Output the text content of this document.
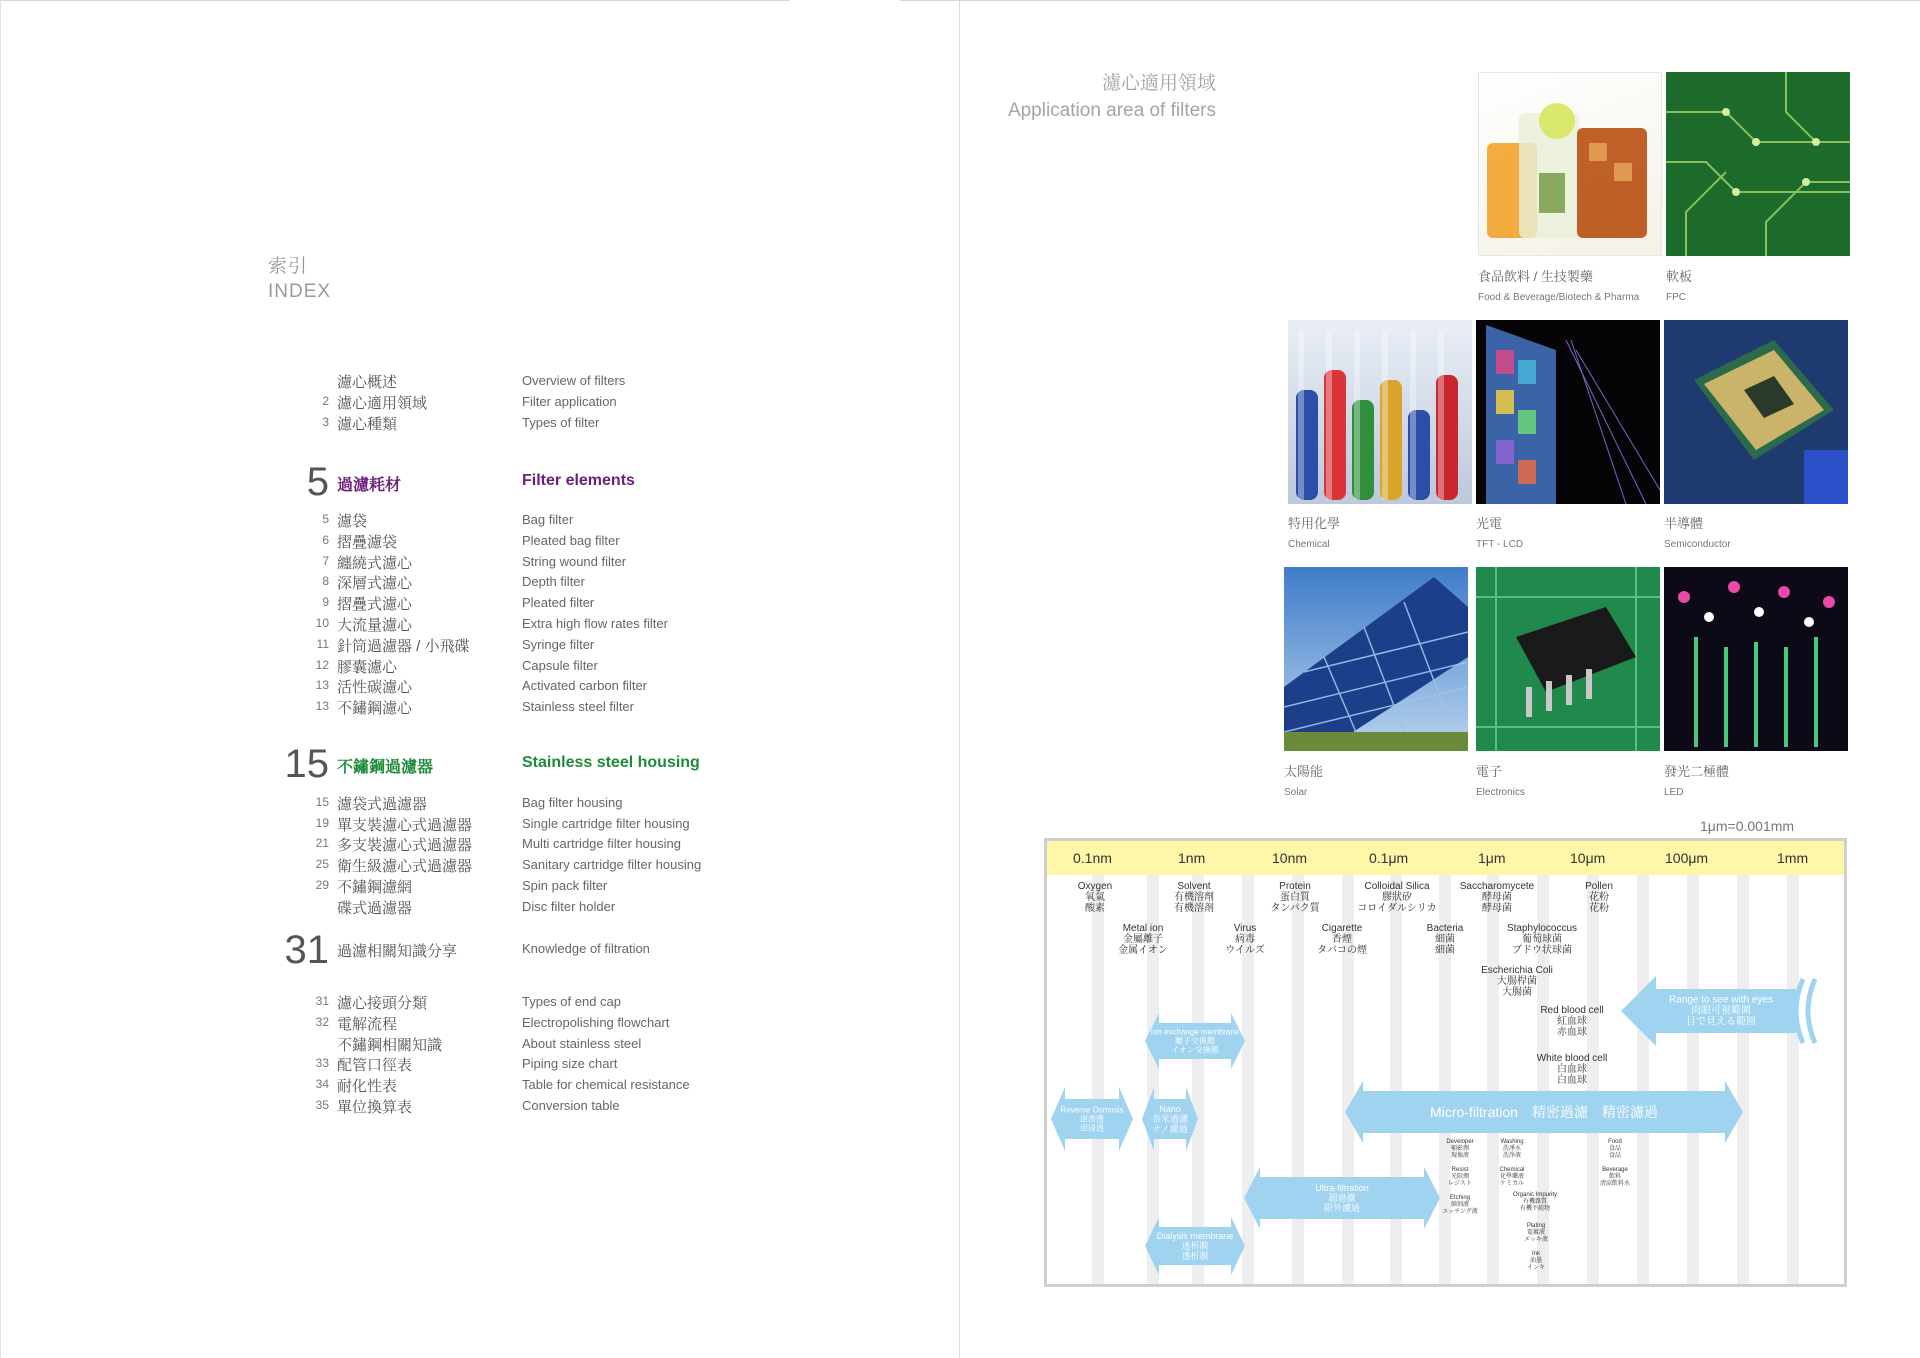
索引
INDEX
濾心概述	Overview of filters
2 濾心適用領域	Filter application
3 濾心種類	Types of filter
5 過濾耗材	Filter elements
5 濾袋	Bag filter
6 摺疊濾袋	Pleated bag filter
7 纏繞式濾心	String wound filter
8 深層式濾心	Depth filter
9 摺疊式濾心	Pleated filter
10 大流量濾心	Extra high flow rates filter
11 針筒過濾器 / 小飛碟	Syringe filter
12 膠囊濾心	Capsule filter
13 活性碳濾心	Activated carbon filter
13 不鏽鋼濾心	Stainless steel filter
15 不鏽鋼過濾器	Stainless steel housing
15 濾袋式過濾器	Bag filter housing
19 單支裝濾心式過濾器	Single cartridge filter housing
21 多支裝濾心式過濾器	Multi cartridge filter housing
25 衛生級濾心式過濾器	Sanitary cartridge filter housing
29 不鏽鋼濾網	Spin pack filter
碟式過濾器	Disc filter holder
31 過濾相關知識分享	Knowledge of filtration
31 濾心接頭分類	Types of end cap
32 電解流程	Electropolishing flowchart
不鏽鋼相關知識	About stainless steel
33 配管口徑表	Piping size chart
34 耐化性表	Table for chemical resistance
35 單位換算表	Conversion table
濾心適用領域
Application area of filters
食品飲料 / 生技製藥
Food & Beverage/Biotech & Pharma
軟板
FPC
特用化學
Chemical
光電
TFT - LCD
半導體
Semiconductor
太陽能
Solar
電子
Electronics
發光二極體
LED
1μm=0.001mm
0.1nm	1nm	10nm	0.1μm	1μm	10μm	100μm	1mm
Oxygen
氧氣
酸素
Solvent
有機溶劑
有機溶剤
Protein
蛋白質
タンパク質
Colloidal Silica
膠狀矽
コロイダルシリカ
Saccharomycete
酵母菌
酵母菌
Pollen
花粉
花粉
Metal ion
金屬離子
金属イオン
Virus
病毒
ウイルズ
Cigarette
香煙
タバコの煙
Bacteria
細菌
細菌
Staphylococcus
葡萄球菌
ブドウ状球菌
Escherichia Coli
大腸桿菌
大腸菌
Red blood cell
紅血球
赤血球
White blood cell
白血球
白血球
Range to see with eyes
肉眼可視範圍
目で見える範囲
Ion exchange membrane
離子交換膜
イオン交換膜
Reverse Osmosis
逆滲透
逆浸透
Nano
奈米過濾
ナノ濾過
Micro-filtration　精密過濾　精密濾過
Ultra-filtration
超過濾
限外濾過
Dialysis membrane
透析膜
透析膜
Developer
顯影劑
現像液
Resist
光阻劑
レジスト
Etching
蝕刻液
エッチング液
Washing
洗淨水
洗浄液
Chemical
化學藥液
ケミカル
Organic Impurity
有機雜質
有機不純物
Plating
電鍍液
メッキ液
Ink
油墨
インキ
Food
食品
食品
Beverage
飲料
清涼飲料水
